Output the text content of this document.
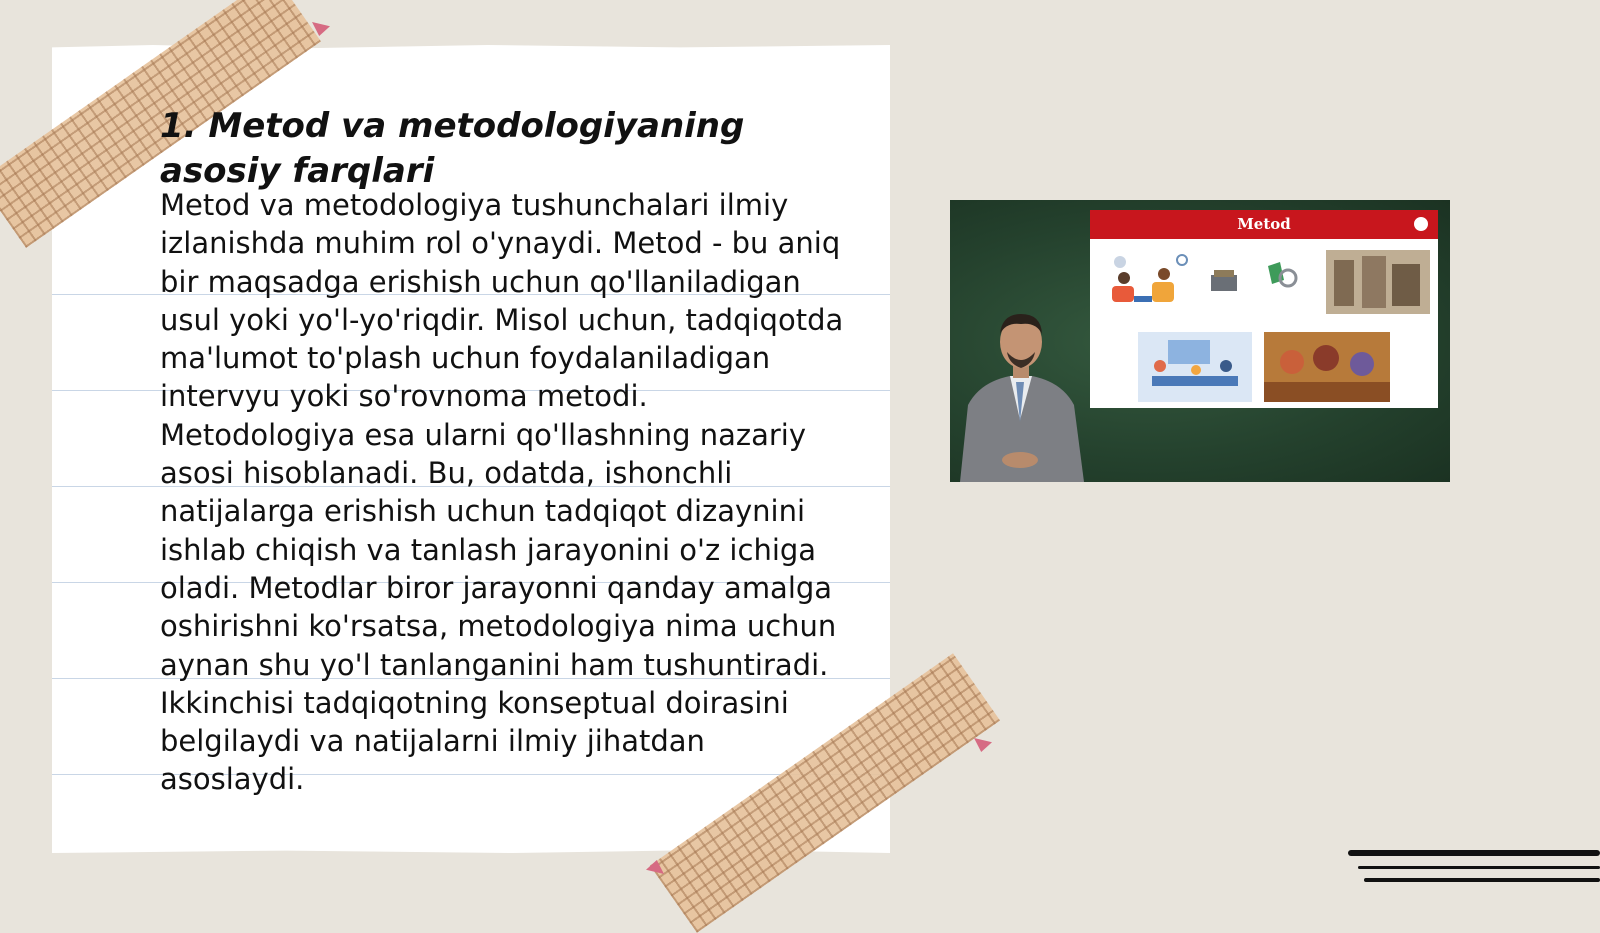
1. Metod va metodologiyaning asosiy farqlari

Metod va metodologiya tushunchalari ilmiy izlanishda muhim rol o'ynaydi. Metod - bu aniq bir maqsadga erishish uchun qo'llaniladigan usul yoki yo'l-yo'riqdir. Misol uchun, tadqiqotda ma'lumot to'plash uchun foydalaniladigan intervyu yoki so'rovnoma metodi. Metodologiya esa ularni qo'llashning nazariy asosi hisoblanadi. Bu, odatda, ishonchli natijalarga erishish uchun tadqiqot dizaynini ishlab chiqish va tanlash jarayonini o'z ichiga oladi. Metodlar biror jarayonni qanday amalga oshirishni ko'rsatsa, metodologiya nima uchun aynan shu yo'l tanlanganini ham tushuntiradi. Ikkinchisi tadqiqotning konseptual doirasini belgilaydi va natijalarni ilmiy jihatdan asoslaydi.

Metod
